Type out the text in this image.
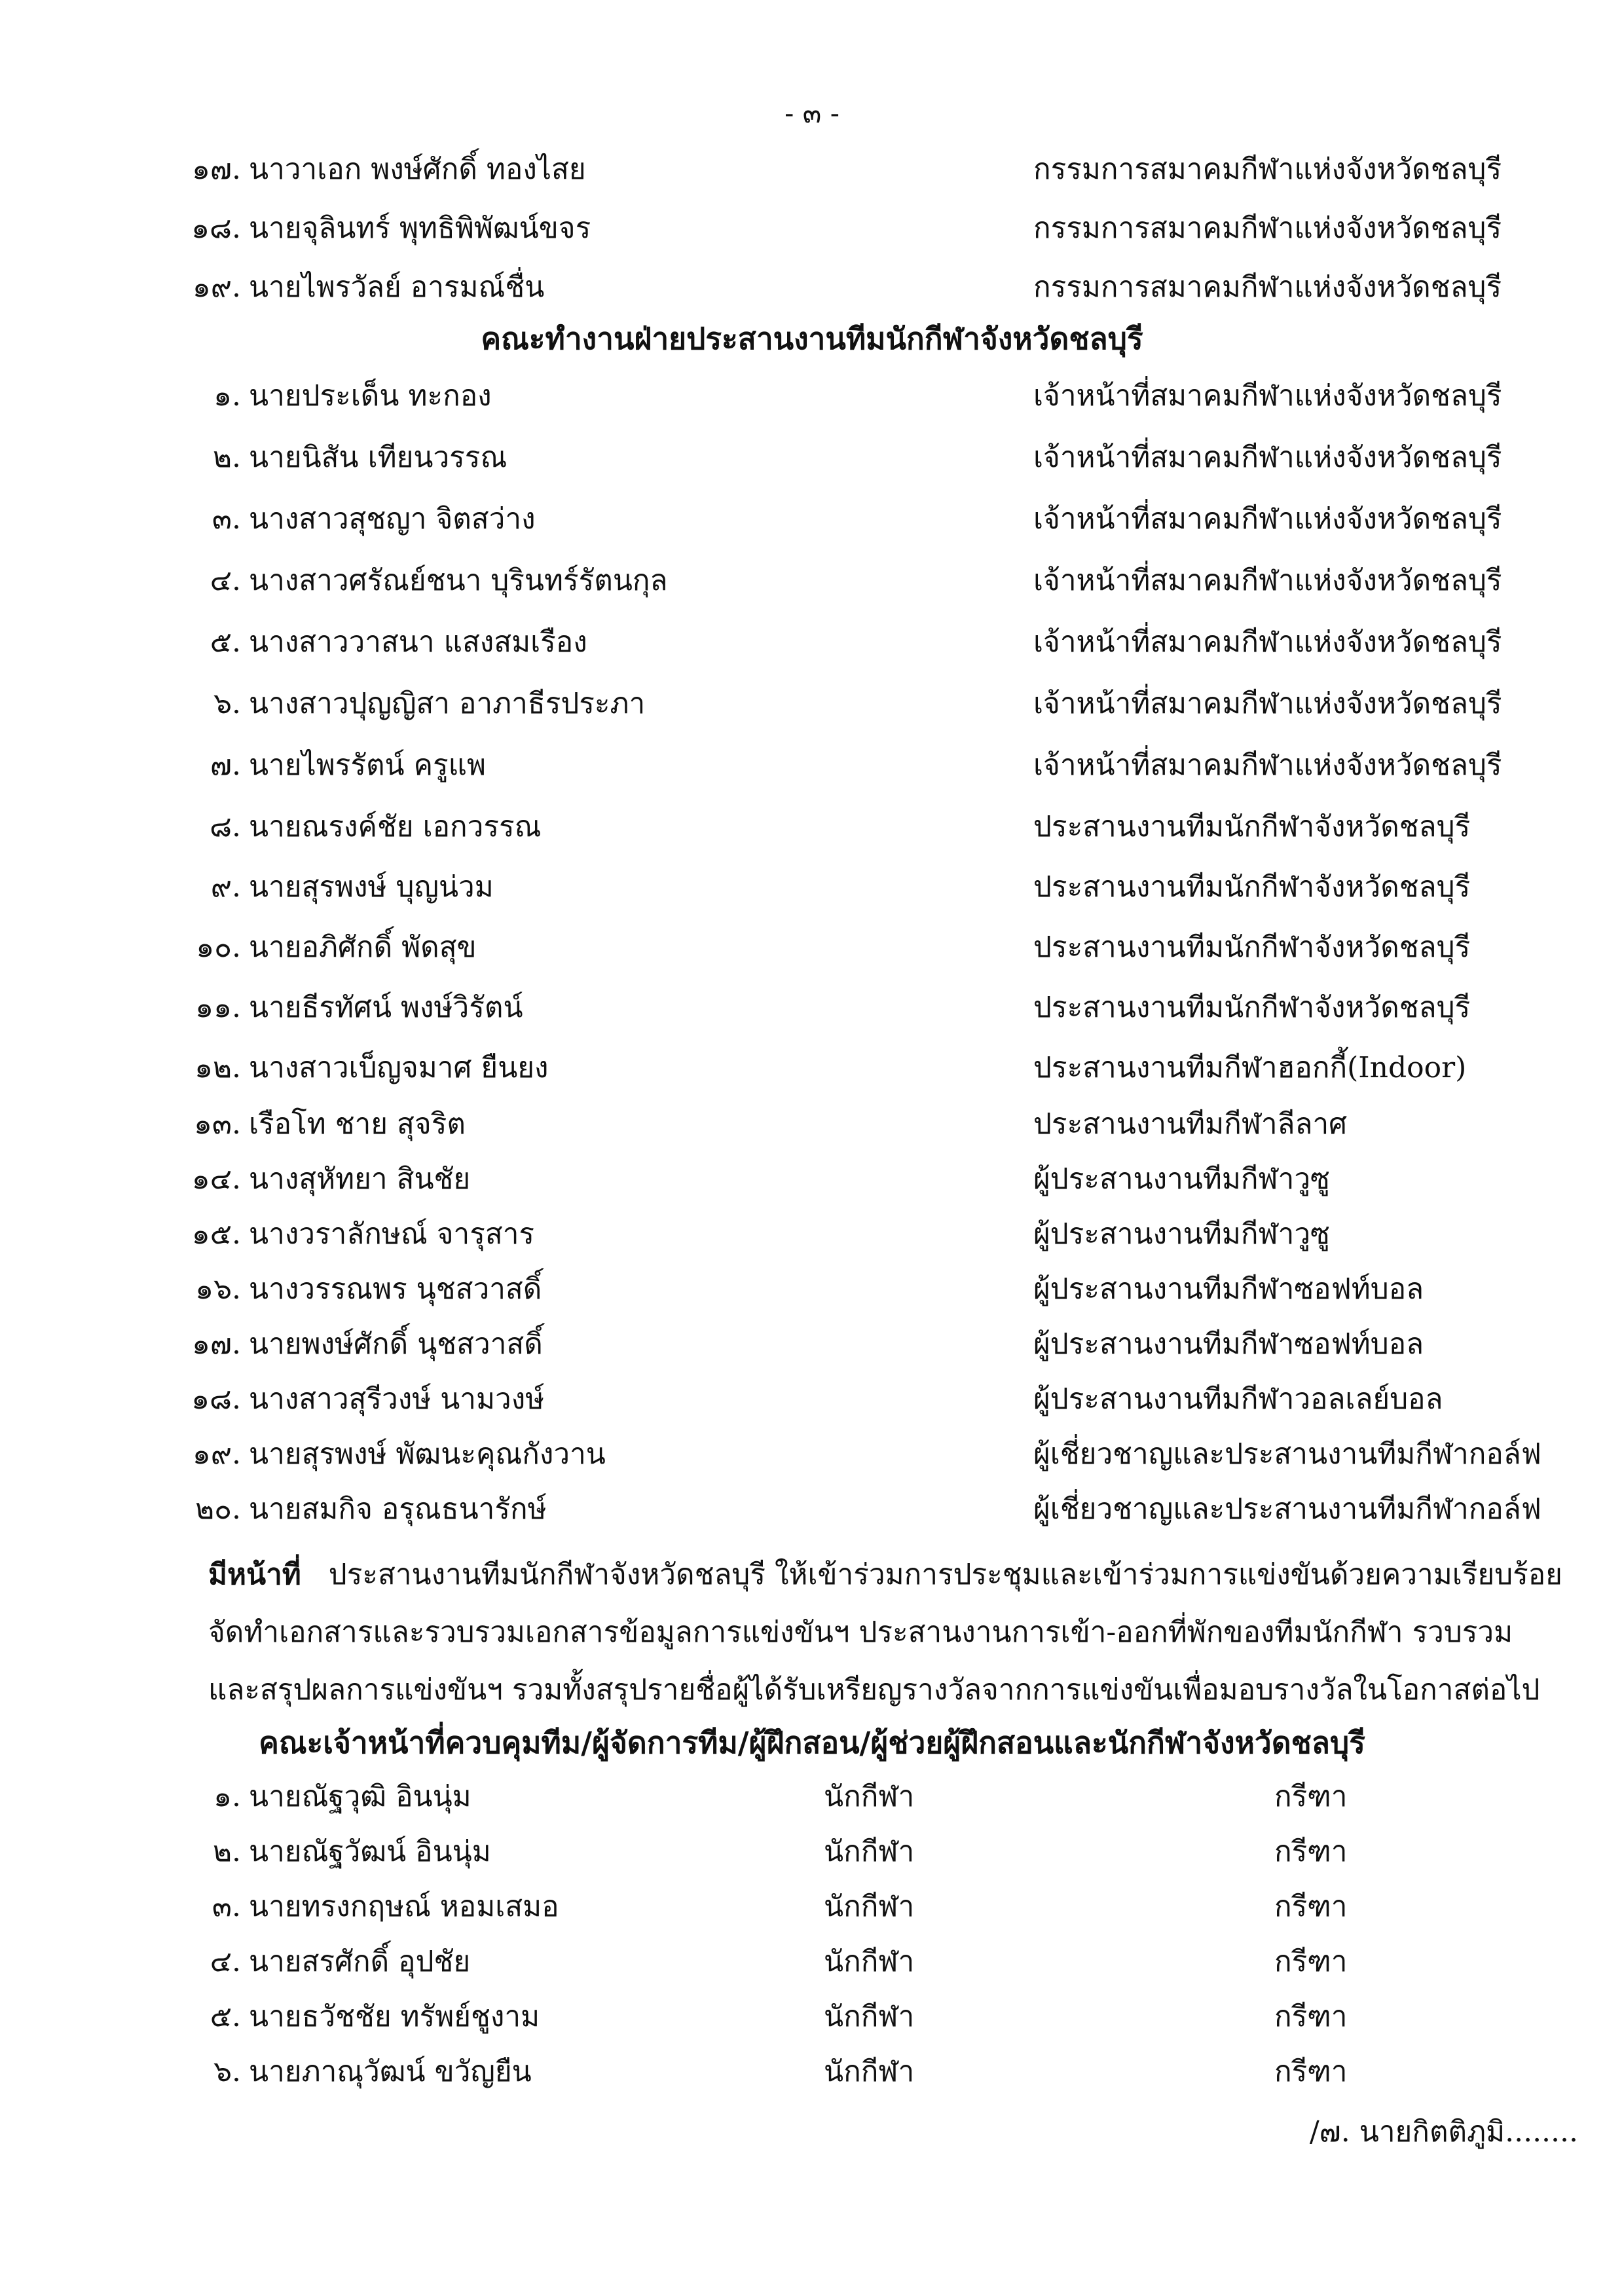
- ๓ -
๑๗. นาวาเอก พงษ์ศักดิ์ ทองไสย	กรรมการสมาคมกีฬาแห่งจังหวัดชลบุรี
๑๘. นายจุลินทร์ พุทธิพิพัฒน์ขจร	กรรมการสมาคมกีฬาแห่งจังหวัดชลบุรี
๑๙. นายไพรวัลย์ อารมณ์ชื่น	กรรมการสมาคมกีฬาแห่งจังหวัดชลบุรี
คณะทำงานฝ่ายประสานงานทีมนักกีฬาจังหวัดชลบุรี
๑. นายประเด็น ทะกอง	เจ้าหน้าที่สมาคมกีฬาแห่งจังหวัดชลบุรี
๒. นายนิสัน เทียนวรรณ	เจ้าหน้าที่สมาคมกีฬาแห่งจังหวัดชลบุรี
๓. นางสาวสุชญา จิตสว่าง	เจ้าหน้าที่สมาคมกีฬาแห่งจังหวัดชลบุรี
๔. นางสาวศรัณย์ชนา บุรินทร์รัตนกุล	เจ้าหน้าที่สมาคมกีฬาแห่งจังหวัดชลบุรี
๕. นางสาววาสนา แสงสมเรือง	เจ้าหน้าที่สมาคมกีฬาแห่งจังหวัดชลบุรี
๖. นางสาวปุญญิสา อาภาธีรประภา	เจ้าหน้าที่สมาคมกีฬาแห่งจังหวัดชลบุรี
๗. นายไพรรัตน์ ครูแพ	เจ้าหน้าที่สมาคมกีฬาแห่งจังหวัดชลบุรี
๘. นายณรงค์ชัย เอกวรรณ	ประสานงานทีมนักกีฬาจังหวัดชลบุรี
๙. นายสุรพงษ์ บุญน่วม	ประสานงานทีมนักกีฬาจังหวัดชลบุรี
๑๐. นายอภิศักดิ์ พัดสุข	ประสานงานทีมนักกีฬาจังหวัดชลบุรี
๑๑. นายธีรทัศน์ พงษ์วิรัตน์	ประสานงานทีมนักกีฬาจังหวัดชลบุรี
๑๒. นางสาวเบ็ญจมาศ ยืนยง	ประสานงานทีมกีฬาฮอกกี้(Indoor)
๑๓. เรือโท ชาย สุจริต	ประสานงานทีมกีฬาลีลาศ
๑๔. นางสุหัทยา สินชัย	ผู้ประสานงานทีมกีฬาวูซู
๑๕. นางวราลักษณ์ จารุสาร	ผู้ประสานงานทีมกีฬาวูซู
๑๖. นางวรรณพร นุชสวาสดิ์	ผู้ประสานงานทีมกีฬาซอฟท์บอล
๑๗. นายพงษ์ศักดิ์ นุชสวาสดิ์	ผู้ประสานงานทีมกีฬาซอฟท์บอล
๑๘. นางสาวสุรีวงษ์ นามวงษ์	ผู้ประสานงานทีมกีฬาวอลเลย์บอล
๑๙. นายสุรพงษ์ พัฒนะคุณกังวาน	ผู้เชี่ยวชาญและประสานงานทีมกีฬากอล์ฟ
๒๐. นายสมกิจ อรุณธนารักษ์	ผู้เชี่ยวชาญและประสานงานทีมกีฬากอล์ฟ
มีหน้าที่ ประสานงานทีมนักกีฬาจังหวัดชลบุรี ให้เข้าร่วมการประชุมและเข้าร่วมการแข่งขันด้วยความเรียบร้อย
จัดทำเอกสารและรวบรวมเอกสารข้อมูลการแข่งขันฯ ประสานงานการเข้า-ออกที่พักของทีมนักกีฬา รวบรวม
และสรุปผลการแข่งขันฯ รวมทั้งสรุปรายชื่อผู้ได้รับเหรียญรางวัลจากการแข่งขันเพื่อมอบรางวัลในโอกาสต่อไป
คณะเจ้าหน้าที่ควบคุมทีม/ผู้จัดการทีม/ผู้ฝึกสอน/ผู้ช่วยผู้ฝึกสอนและนักกีฬาจังหวัดชลบุรี
๑. นายณัฐวุฒิ อินนุ่ม	นักกีฬา	กรีฑา
๒. นายณัฐวัฒน์ อินนุ่ม	นักกีฬา	กรีฑา
๓. นายทรงกฤษณ์ หอมเสมอ	นักกีฬา	กรีฑา
๔. นายสรศักดิ์ อุปชัย	นักกีฬา	กรีฑา
๕. นายธวัชชัย ทรัพย์ชูงาม	นักกีฬา	กรีฑา
๖. นายภาณุวัฒน์ ขวัญยืน	นักกีฬา	กรีฑา
/๗. นายกิตติภูมิ........
